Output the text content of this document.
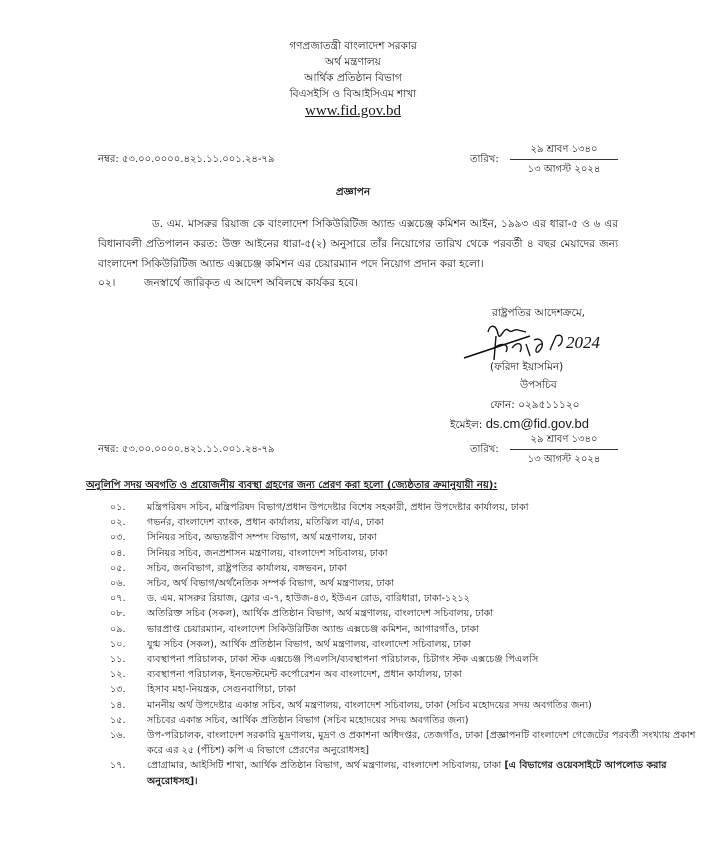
গণপ্রজাতন্ত্রী বাংলাদেশ সরকার
অর্থ মন্ত্রণালয়
আর্থিক প্রতিষ্ঠান বিভাগ
বিএসইসি ও বিআইসিএম শাখা
www.fid.gov.bd
নম্বর: ৫৩.০০.০০০০.৪২১.১১.০০১.২৪-৭৯	তারিখ:
২৯ শ্রাবণ ১৩৪০
১৩ আগস্ট ২০২৪
প্রজ্ঞাপন

ড. এম. মাসরুর রিয়াজ কে বাংলাদেশ সিকিউরিটিজ অ্যান্ড এক্সচেঞ্জ কমিশন আইন, ১৯৯৩ এর ধারা-৫ ও ৬ এর বিধানাবলী প্রতিপালন করত: উক্ত আইনের ধারা-৫(২) অনুসারে তাঁর নিয়োগের তারিখ থেকে পরবর্তী ৪ বছর মেয়াদের জন্য বাংলাদেশ সিকিউরিটিজ অ্যান্ড এক্সচেঞ্জ কমিশন এর চেয়ারম্যান পদে নিয়োগ প্রদান করা হলো।

০২।	জনস্বার্থে জারিকৃত এ আদেশ অবিলম্বে কার্যকর হবে।
রাষ্ট্রপতির আদেশক্রমে,
2024
(ফরিদা ইয়াসমিন)
উপসচিব
ফোন: ০২৯৫১১১২০
ইমেইল: ds.cm@fid.gov.bd
নম্বর: ৫৩.০০.০০০০.৪২১.১১.০০১.২৪-৭৯	তারিখ:
২৯ শ্রাবণ ১৩৪০
১৩ আগস্ট ২০২৪
অনুলিপি সদয় অবগতি ও প্রয়োজনীয় ব্যবস্থা গ্রহণের জন্য প্রেরণ করা হলো (জ্যেষ্ঠতার ক্রমানুযায়ী নয়):
০১.	মন্ত্রিপরিষদ সচিব, মন্ত্রিপরিষদ বিভাগ/প্রধান উপদেষ্টার বিশেষ সহকারী, প্রধান উপদেষ্টার কার্যালয়, ঢাকা
০২.	গভর্নর, বাংলাদেশ ব্যাংক, প্রধান কার্যালয়, মতিঝিল বা/এ, ঢাকা
০৩.	সিনিয়র সচিব, অভ্যন্তরীণ সম্পদ বিভাগ, অর্থ মন্ত্রণালয়, ঢাকা
০৪.	সিনিয়র সচিব, জনপ্রশাসন মন্ত্রণালয়, বাংলাদেশ সচিবালয়, ঢাকা
০৫.	সচিব, জনবিভাগ, রাষ্ট্রপতির কার্যালয়, বঙ্গভবন, ঢাকা
০৬.	সচিব, অর্থ বিভাগ/অর্থনৈতিক সম্পর্ক বিভাগ, অর্থ মন্ত্রণালয়, ঢাকা
০৭.	ড. এম. মাসরুর রিয়াজ, ফ্লোর এ-৭, হাউজ-৪৩, ইউএন রোড, বারিধারা, ঢাকা-১২১২
০৮.	অতিরিক্ত সচিব (সকল), আর্থিক প্রতিষ্ঠান বিভাগ, অর্থ মন্ত্রণালয়, বাংলাদেশ সচিবালয়, ঢাকা
০৯.	ভারপ্রাপ্ত চেয়ারম্যান, বাংলাদেশ সিকিউরিটিজ অ্যান্ড এক্সচেঞ্জ কমিশন, আগারগাঁও, ঢাকা
১০.	যুগ্ম সচিব (সকল), আর্থিক প্রতিষ্ঠান বিভাগ, অর্থ মন্ত্রণালয়, বাংলাদেশ সচিবালয়, ঢাকা
১১.	ব্যবস্থাপনা পরিচালক, ঢাকা স্টক এক্সচেঞ্জ পিএলসি/ব্যবস্থাপনা পরিচালক, চিটাগং স্টক এক্সচেঞ্জ পিএলসি
১২.	ব্যবস্থাপনা পরিচালক, ইনভেস্টমেন্ট কর্পোরেশন অব বাংলাদেশ, প্রধান কার্যালয়, ঢাকা
১৩.	হিসাব মহা-নিয়ন্ত্রক, সেগুনবাগিচা, ঢাকা
১৪.	মাননীয় অর্থ উপদেষ্টার একান্ত সচিব, অর্থ মন্ত্রণালয়, বাংলাদেশ সচিবালয়, ঢাকা (সচিব মহোদয়ের সদয় অবগতির জন্য)
১৫.	সচিবের একান্ত সচিব, আর্থিক প্রতিষ্ঠান বিভাগ (সচিব মহোদয়ের সদয় অবগতির জন্য)
১৬.	উপ-পরিচালক, বাংলাদেশ সরকারি মুদ্রণালয়, মুদ্রণ ও প্রকাশনা অধিদপ্তর, তেজগাঁও, ঢাকা [প্রজ্ঞাপনটি বাংলাদেশ গেজেটের পরবর্তী সংখ্যায় প্রকাশ করে এর ২৫ (পঁচিশ) কপি এ বিভাগে প্রেরণের অনুরোধসহ]
১৭.	প্রোগ্রামার, আইসিটি শাখা, আর্থিক প্রতিষ্ঠান বিভাগ, অর্থ মন্ত্রণালয়, বাংলাদেশ সচিবালয়, ঢাকা [এ বিভাগের ওয়েবসাইটে আপলোড করার অনুরোধসহ]।
